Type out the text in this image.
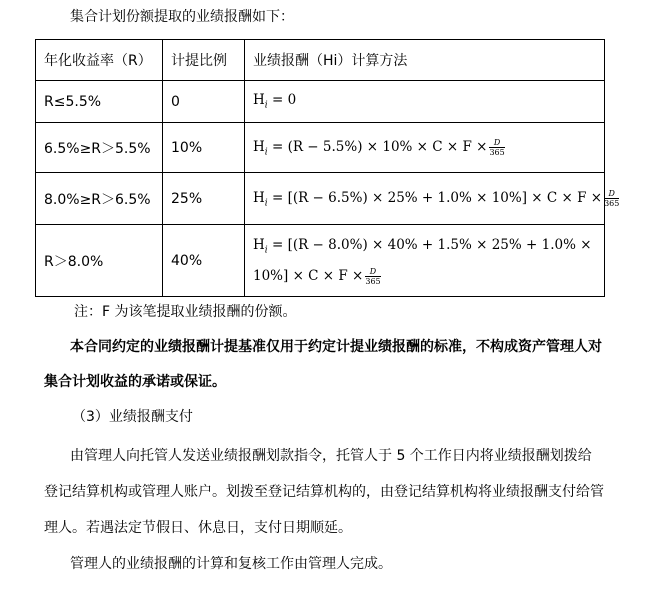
集合计划份额提取的业绩报酬如下：

年化收益率（R）	计提比例	业绩报酬（Hi）计算方法
R≤5.5%	0	$H_i = 0$
6.5%≥R＞5.5%	10%	$H_i = (R - 5.5\%) \times 10\% \times C \times F \times \frac{D}{365}$

8.0%≥R＞6.5%	25%	$H_i = [(R - 6.5\%) \times 25\% + 1.0\% \times 10\%] \times C \times F \times \frac{D}{365}$

R＞8.0%	40%	$H_i = [(R - 8.0\%) \times 40\% + 1.5\% \times 25\% + 1.0\%$ ×
$10\%] \times C \times F \times \frac{D}{365}$

注：F 为该笔提取业绩报酬的份额。

本合同约定的业绩报酬计提基准仅用于约定计提业绩报酬的标准，不构成资产管理人对

集合计划收益的承诺或保证。

（3）业绩报酬支付

由管理人向托管人发送业绩报酬划款指令，托管人于 5 个工作日内将业绩报酬划拨给

登记结算机构或管理人账户。划拨至登记结算机构的，由登记结算机构将业绩报酬支付给管

理人。若遇法定节假日、休息日，支付日期顺延。

管理人的业绩报酬的计算和复核工作由管理人完成。
